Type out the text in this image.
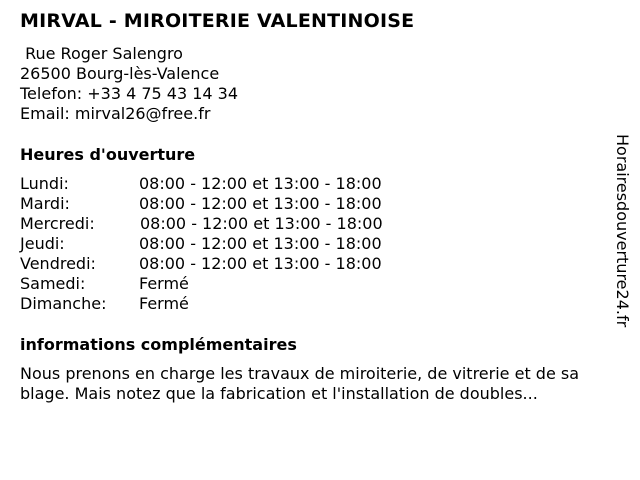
MIRVAL - MIROITERIE VALENTINOISE
Rue Roger Salengro
26500 Bourg-lès-Valence
Telefon: +33 4 75 43 14 34
Email: mirval26@free.fr
Heures d'ouverture
Lundi:	08:00 - 12:00 et 13:00 - 18:00
Mardi:	08:00 - 12:00 et 13:00 - 18:00
Mercredi:	08:00 - 12:00 et 13:00 - 18:00
Jeudi:	08:00 - 12:00 et 13:00 - 18:00
Vendredi:	08:00 - 12:00 et 13:00 - 18:00
Samedi:	Fermé
Dimanche: Fermé
informations complémentaires
Nous prenons en charge les travaux de miroiterie, de vitrerie et de sa
blage. Mais notez que la fabrication et l'installation de doubles...
Horairesdouverture24.fr
